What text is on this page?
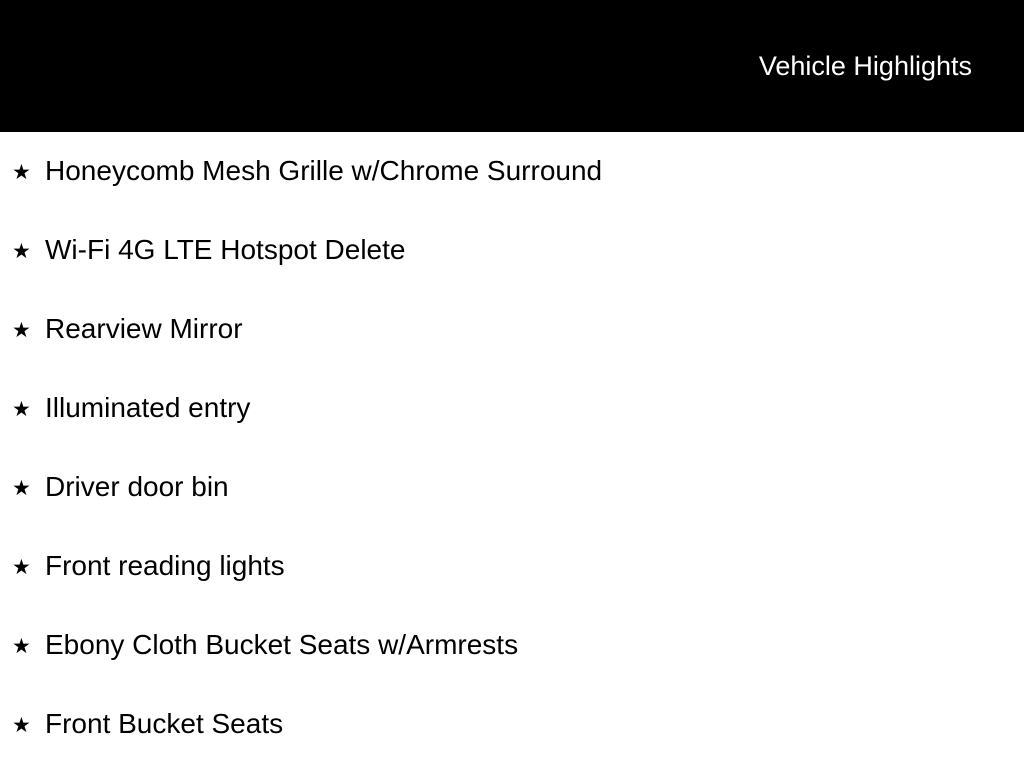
Vehicle Highlights
★ Honeycomb Mesh Grille w/Chrome Surround
★ Wi-Fi 4G LTE Hotspot Delete
★ Rearview Mirror
★ Illuminated entry
★ Driver door bin
★ Front reading lights
★ Ebony Cloth Bucket Seats w/Armrests
★ Front Bucket Seats
